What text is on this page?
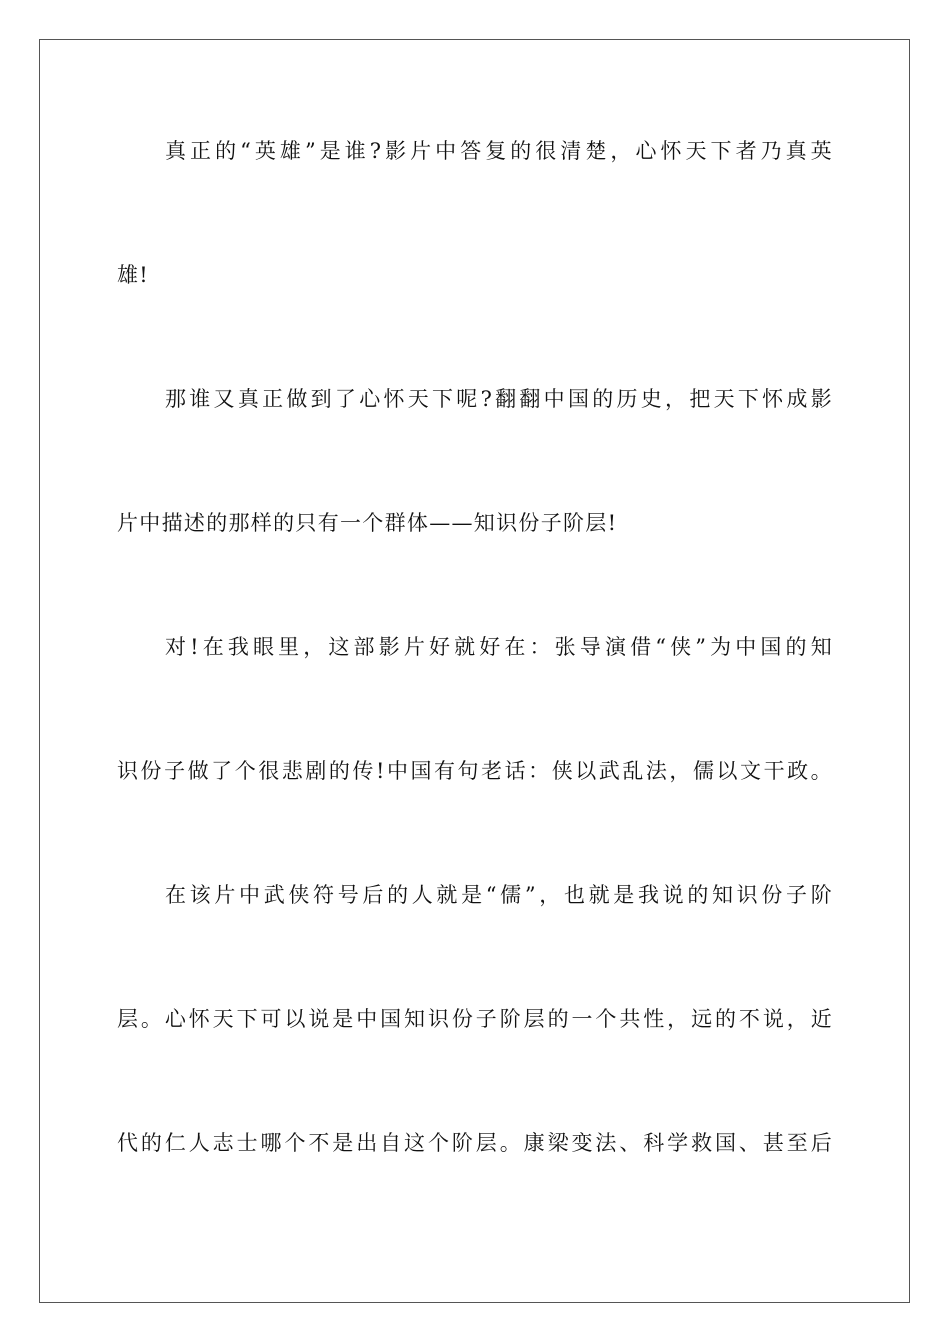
真正的“英雄”是谁?影片中答复的很清楚，心怀天下者乃真英
雄!
那谁又真正做到了心怀天下呢?翻翻中国的历史，把天下怀成影
片中描述的那样的只有一个群体——知识份子阶层!
对!在我眼里，这部影片好就好在：张导演借“侠”为中国的知
识份子做了个很悲剧的传!中国有句老话：侠以武乱法，儒以文干政。
在该片中武侠符号后的人就是“儒”，也就是我说的知识份子阶
层。心怀天下可以说是中国知识份子阶层的一个共性，远的不说，近
代的仁人志士哪个不是出自这个阶层。康梁变法、科学救国、甚至后
